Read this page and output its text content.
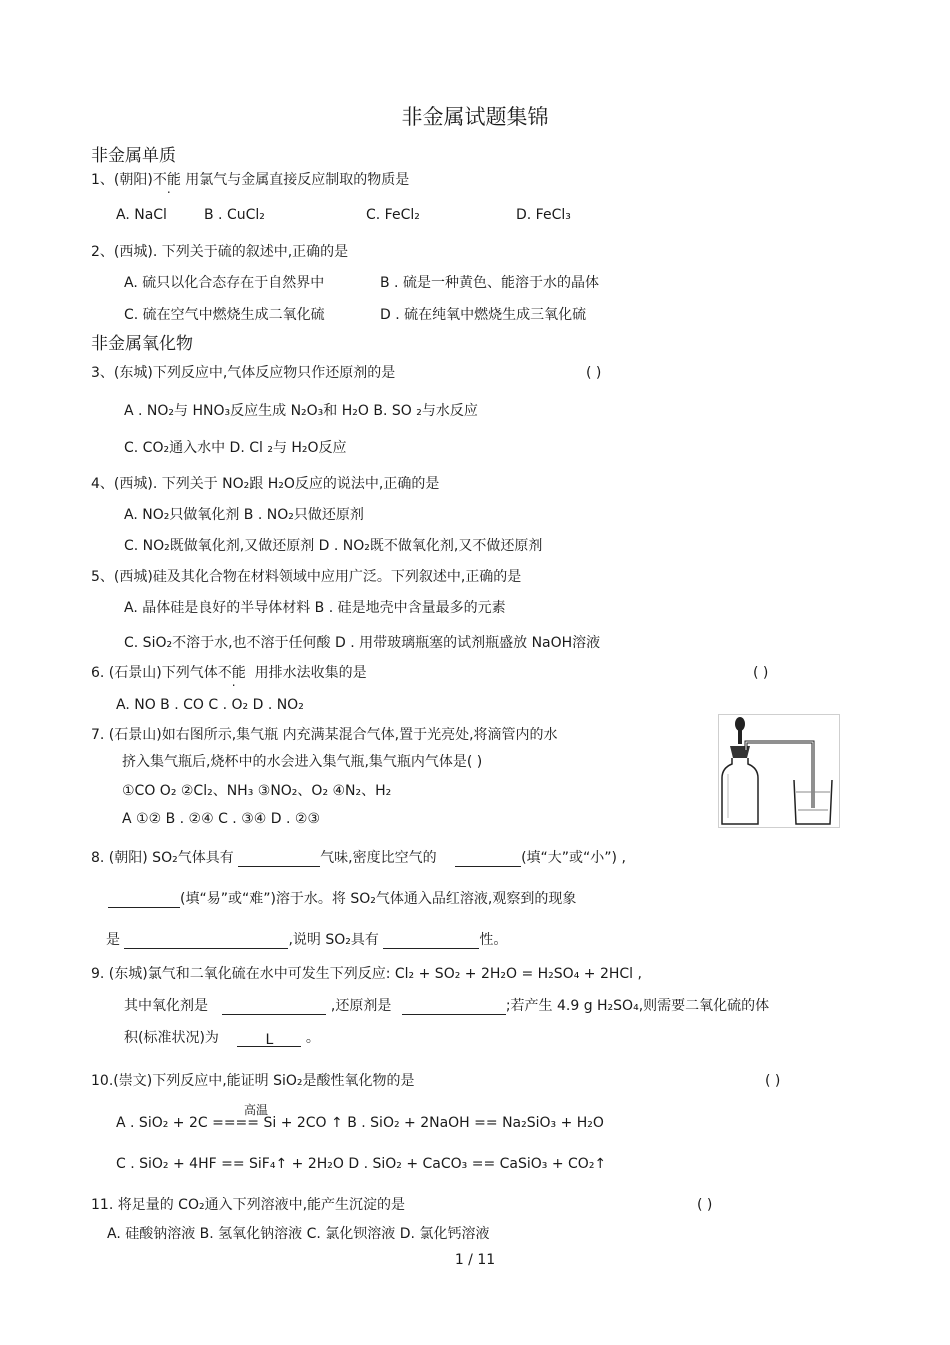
非金属试题集锦
非金属单质
1、(朝阳)不能 用氯气与金属直接反应制取的物质是
A. NaCl	B . CuCl₂	C. FeCl₂	D. FeCl₃
2、(西城). 下列关于硫的叙述中,正确的是
A. 硫只以化合态存在于自然界中	B . 硫是一种黄色、能溶于水的晶体
C. 硫在空气中燃烧生成二氧化硫	D . 硫在纯氧中燃烧生成三氧化硫
非金属氧化物
3、(东城)下列反应中,气体反应物只作还原剂的是	( )
A . NO₂与 HNO₃反应生成 N₂O₃和 H₂O B. SO ₂与水反应
C. CO₂通入水中 D. Cl ₂与 H₂O反应
4、(西城). 下列关于 NO₂跟 H₂O反应的说法中,正确的是
A. NO₂只做氧化剂 B . NO₂只做还原剂
C. NO₂既做氧化剂,又做还原剂 D . NO₂既不做氧化剂,又不做还原剂
5、(西城)硅及其化合物在材料领域中应用广泛。下列叙述中,正确的是
A. 晶体硅是良好的半导体材料 B . 硅是地壳中含量最多的元素
C. SiO₂不溶于水,也不溶于任何酸 D . 用带玻璃瓶塞的试剂瓶盛放 NaOH溶液
6. (石景山)下列气体不能 用排水法收集的是	( )
A. NO B . CO C . O₂ D . NO₂
7. (石景山)如右图所示,集气瓶 内充满某混合气体,置于光亮处,将滴管内的水
挤入集气瓶后,烧杯中的水会进入集气瓶,集气瓶内气体是( )
①CO O₂ ②Cl₂、NH₃ ③NO₂、O₂ ④N₂、H₂
A ①② B . ②④ C . ③④ D . ②③
8. (朝阳) SO₂气体具有	气味,密度比空气的	(填“大”或“小”) ,
(填“易”或“难”)溶于水。将 SO₂气体通入品红溶液,观察到的现象
是	,说明 SO₂具有	性。
9. (东城)氯气和二氧化硫在水中可发生下列反应: Cl₂ + SO₂ + 2H₂O = H₂SO₄ + 2HCl ,
其中氧化剂是	,还原剂是	;若产生 4.9 g H₂SO₄,则需要二氧化硫的体
积(标准状况)为	L 。
10.(崇文)下列反应中,能证明 SiO₂是酸性氧化物的是	( )
高温
A . SiO₂ + 2C ==== Si + 2CO ↑ B . SiO₂ + 2NaOH == Na₂SiO₃ + H₂O
C . SiO₂ + 4HF == SiF₄↑ + 2H₂O D . SiO₂ + CaCO₃ == CaSiO₃ + CO₂↑
11. 将足量的 CO₂通入下列溶液中,能产生沉淀的是	( )
A. 硅酸钠溶液 B. 氢氧化钠溶液 C. 氯化钡溶液 D. 氯化钙溶液
1 / 11
